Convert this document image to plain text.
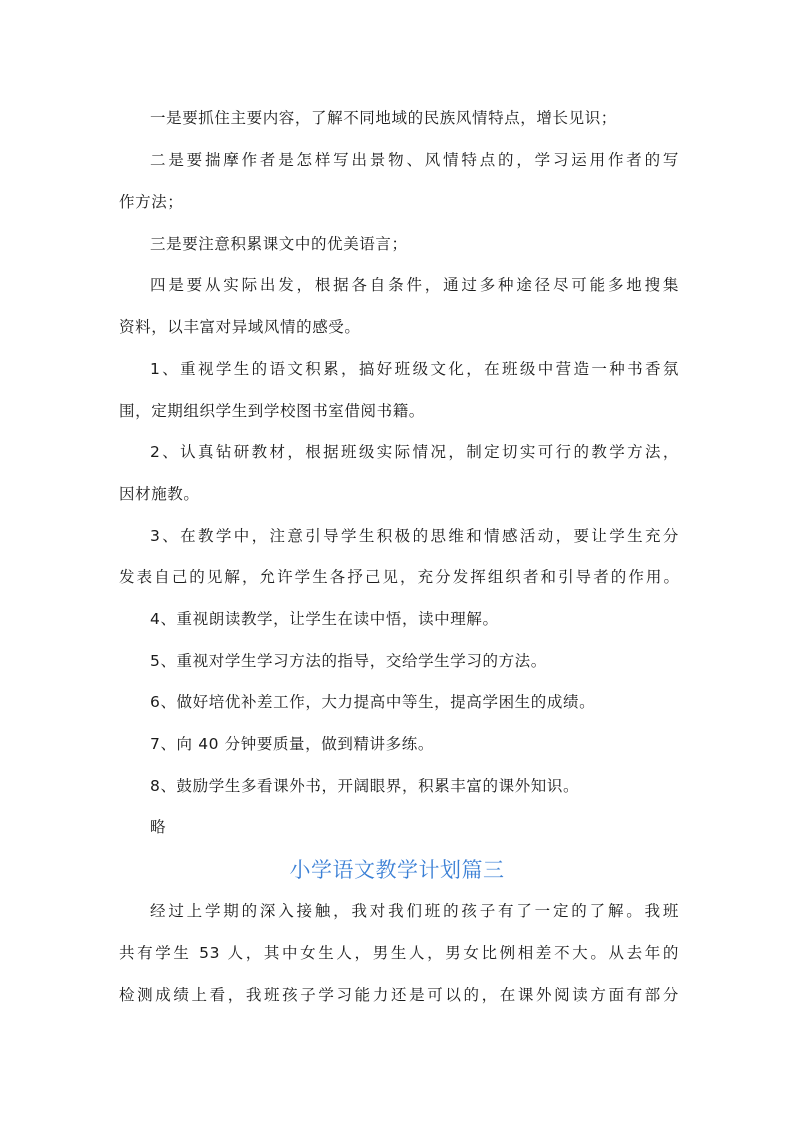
一是要抓住主要内容，了解不同地域的民族风情特点，增长见识；
二是要揣摩作者是怎样写出景物、风情特点的，学习运用作者的写
作方法；
三是要注意积累课文中的优美语言；
四是要从实际出发，根据各自条件，通过多种途径尽可能多地搜集
资料，以丰富对异域风情的感受。
1、重视学生的语文积累，搞好班级文化，在班级中营造一种书香氛
围，定期组织学生到学校图书室借阅书籍。
2、认真钻研教材，根据班级实际情况，制定切实可行的教学方法，
因材施教。
3、在教学中，注意引导学生积极的思维和情感活动，要让学生充分
发表自己的见解，允许学生各抒己见，充分发挥组织者和引导者的作用。
4、重视朗读教学，让学生在读中悟，读中理解。
5、重视对学生学习方法的指导，交给学生学习的方法。
6、做好培优补差工作，大力提高中等生，提高学困生的成绩。
7、向 40 分钟要质量，做到精讲多练。
8、鼓励学生多看课外书，开阔眼界，积累丰富的课外知识。
略
小学语文教学计划篇三
经过上学期的深入接触，我对我们班的孩子有了一定的了解。我班
共有学生 53 人，其中女生人，男生人，男女比例相差不大。从去年的
检测成绩上看，我班孩子学习能力还是可以的，在课外阅读方面有部分
